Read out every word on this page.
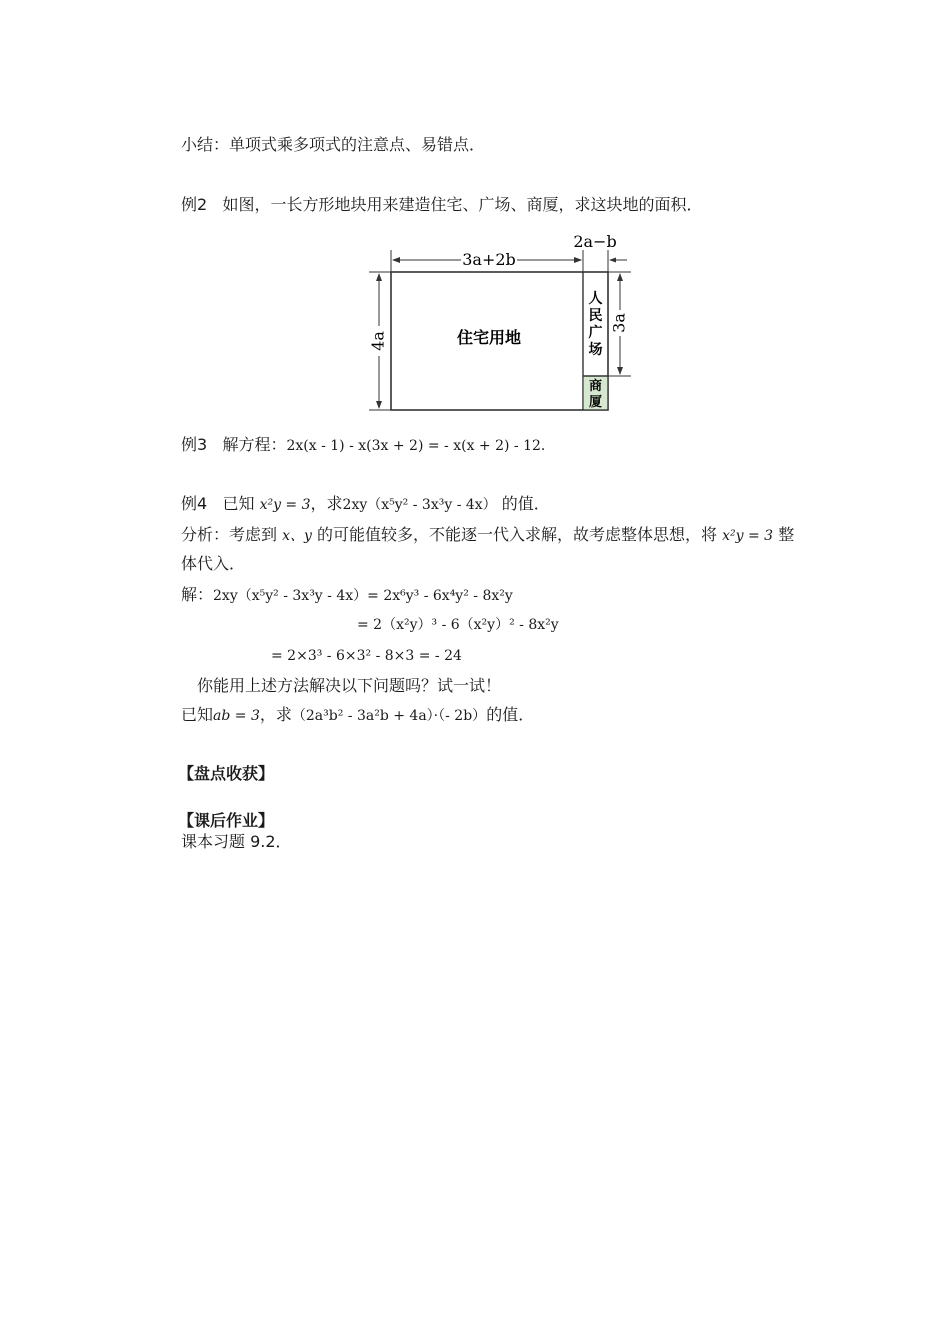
小结：单项式乘多项式的注意点、易错点．
例2 如图，一长方形地块用来建造住宅、广场、商厦，求这块地的面积．
3a+2b
2a−b
4a
3a
住宅用地
人
民
广
场
商
厦
例3 解方程：2x(x - 1) - x(3x + 2) = - x(x + 2) - 12．
例4 已知 x²y = 3，求2xy（x⁵y² - 3x³y - 4x） 的值．
分析：考虑到 x、y 的可能值较多，不能逐一代入求解，故考虑整体思想，将 x²y = 3 整
体代入．
解：2xy（x⁵y² - 3x³y - 4x）= 2x⁶y³ - 6x⁴y² - 8x²y
= 2（x²y）³ - 6（x²y）² - 8x²y
= 2×3³ - 6×3² - 8×3 = - 24
你能用上述方法解决以下问题吗？试一试！
已知ab = 3，求（2a³b² - 3a²b + 4a）·（- 2b）的值．
【盘点收获】
【课后作业】
课本习题 9.2．
